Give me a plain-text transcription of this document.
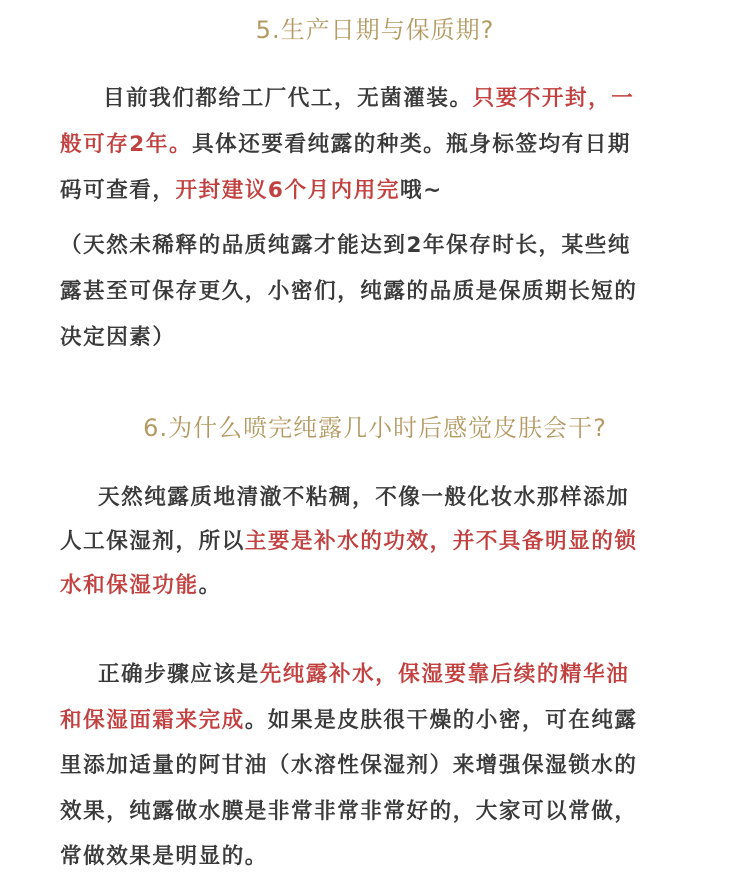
5.生产日期与保质期?
目前我们都给工厂代工，无菌灌装。只要不开封，一
般可存2年。具体还要看纯露的种类。瓶身标签均有日期
码可查看，开封建议6个月内用完哦~
（天然未稀释的品质纯露才能达到2年保存时长，某些纯
露甚至可保存更久，小密们，纯露的品质是保质期长短的
决定因素）
6.为什么喷完纯露几小时后感觉皮肤会干?
天然纯露质地清澈不粘稠，不像一般化妆水那样添加
人工保湿剂，所以主要是补水的功效，并不具备明显的锁
水和保湿功能。
正确步骤应该是先纯露补水，保湿要靠后续的精华油
和保湿面霜来完成。如果是皮肤很干燥的小密，可在纯露
里添加适量的阿甘油（水溶性保湿剂）来增强保湿锁水的
效果，纯露做水膜是非常非常非常好的，大家可以常做，
常做效果是明显的。
